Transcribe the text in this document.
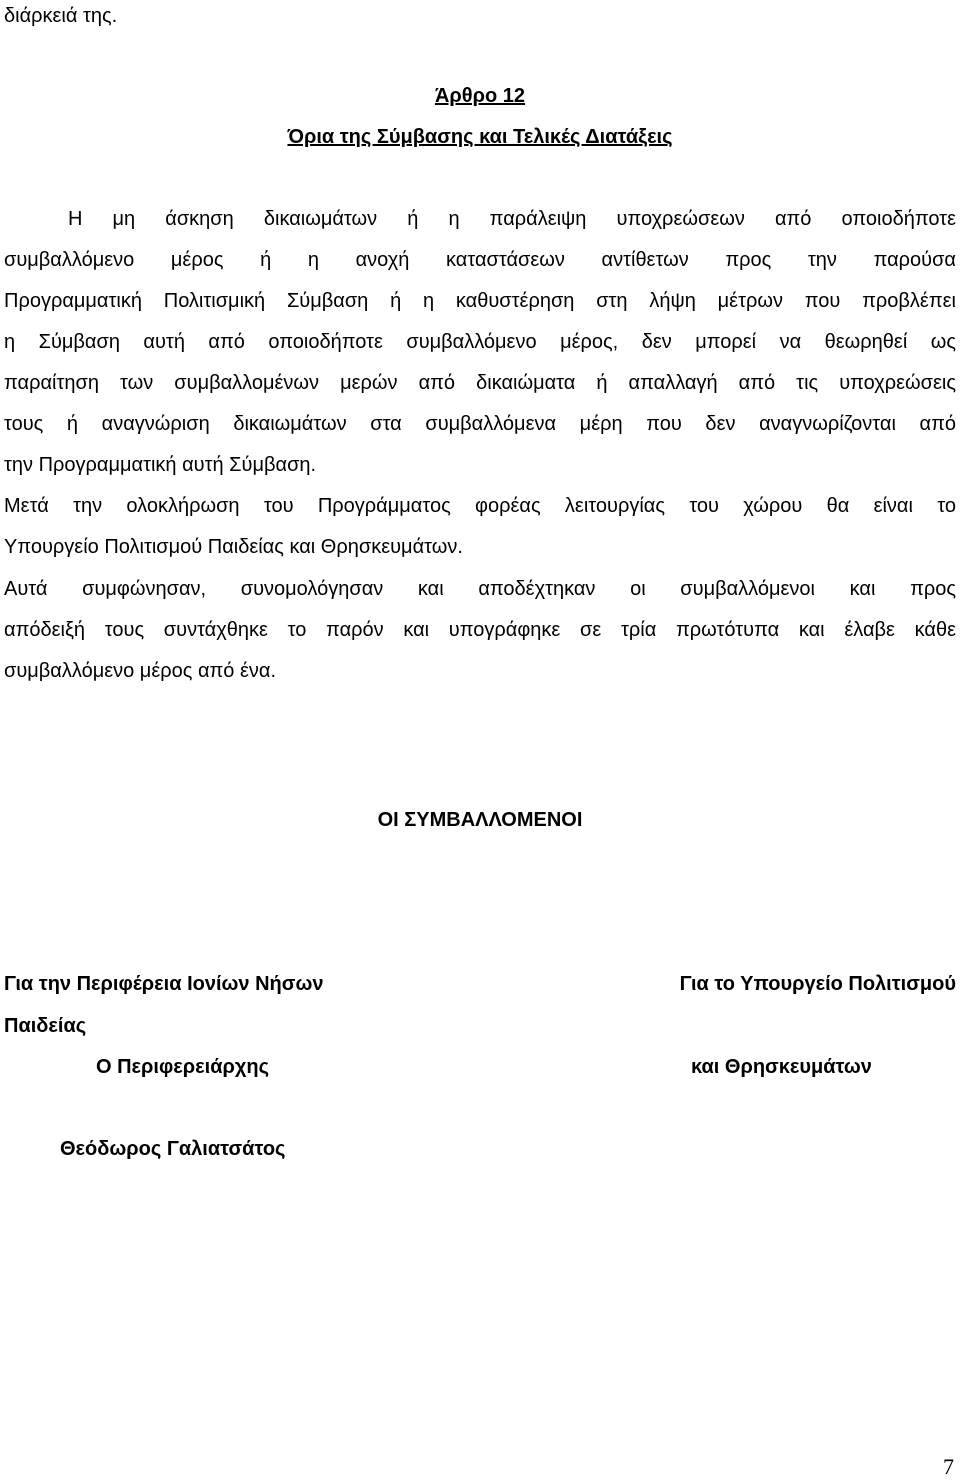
διάρκειά της.
Άρθρο 12
Όρια της Σύμβασης και Τελικές Διατάξεις
Η μη άσκηση δικαιωμάτων ή η παράλειψη υποχρεώσεων από οποιοδήποτε
συμβαλλόμενο μέρος ή η ανοχή καταστάσεων αντίθετων προς την παρούσα
Προγραμματική Πολιτισμική Σύμβαση ή η καθυστέρηση στη λήψη μέτρων που προβλέπει
η Σύμβαση αυτή από οποιοδήποτε συμβαλλόμενο μέρος, δεν μπορεί να θεωρηθεί ως
παραίτηση των συμβαλλομένων μερών από δικαιώματα ή απαλλαγή από τις υποχρεώσεις
τους ή αναγνώριση δικαιωμάτων στα συμβαλλόμενα μέρη που δεν αναγνωρίζονται από
την Προγραμματική αυτή Σύμβαση.
Μετά την ολοκλήρωση του Προγράμματος φορέας λειτουργίας του χώρου θα είναι το
Υπουργείο Πολιτισμού Παιδείας και Θρησκευμάτων.
Αυτά συμφώνησαν, συνομολόγησαν και αποδέχτηκαν οι συμβαλλόμενοι και προς
απόδειξή τους συντάχθηκε το παρόν και υπογράφηκε σε τρία πρωτότυπα και έλαβε κάθε
συμβαλλόμενο μέρος από ένα.
ΟΙ ΣΥΜΒΑΛΛΟΜΕΝΟΙ
Για την Περιφέρεια Ιονίων Νήσων	Για το Υπουργείο Πολιτισμού
Παιδείας
Ο Περιφερειάρχης	και Θρησκευμάτων
Θεόδωρος Γαλιατσάτος
7
